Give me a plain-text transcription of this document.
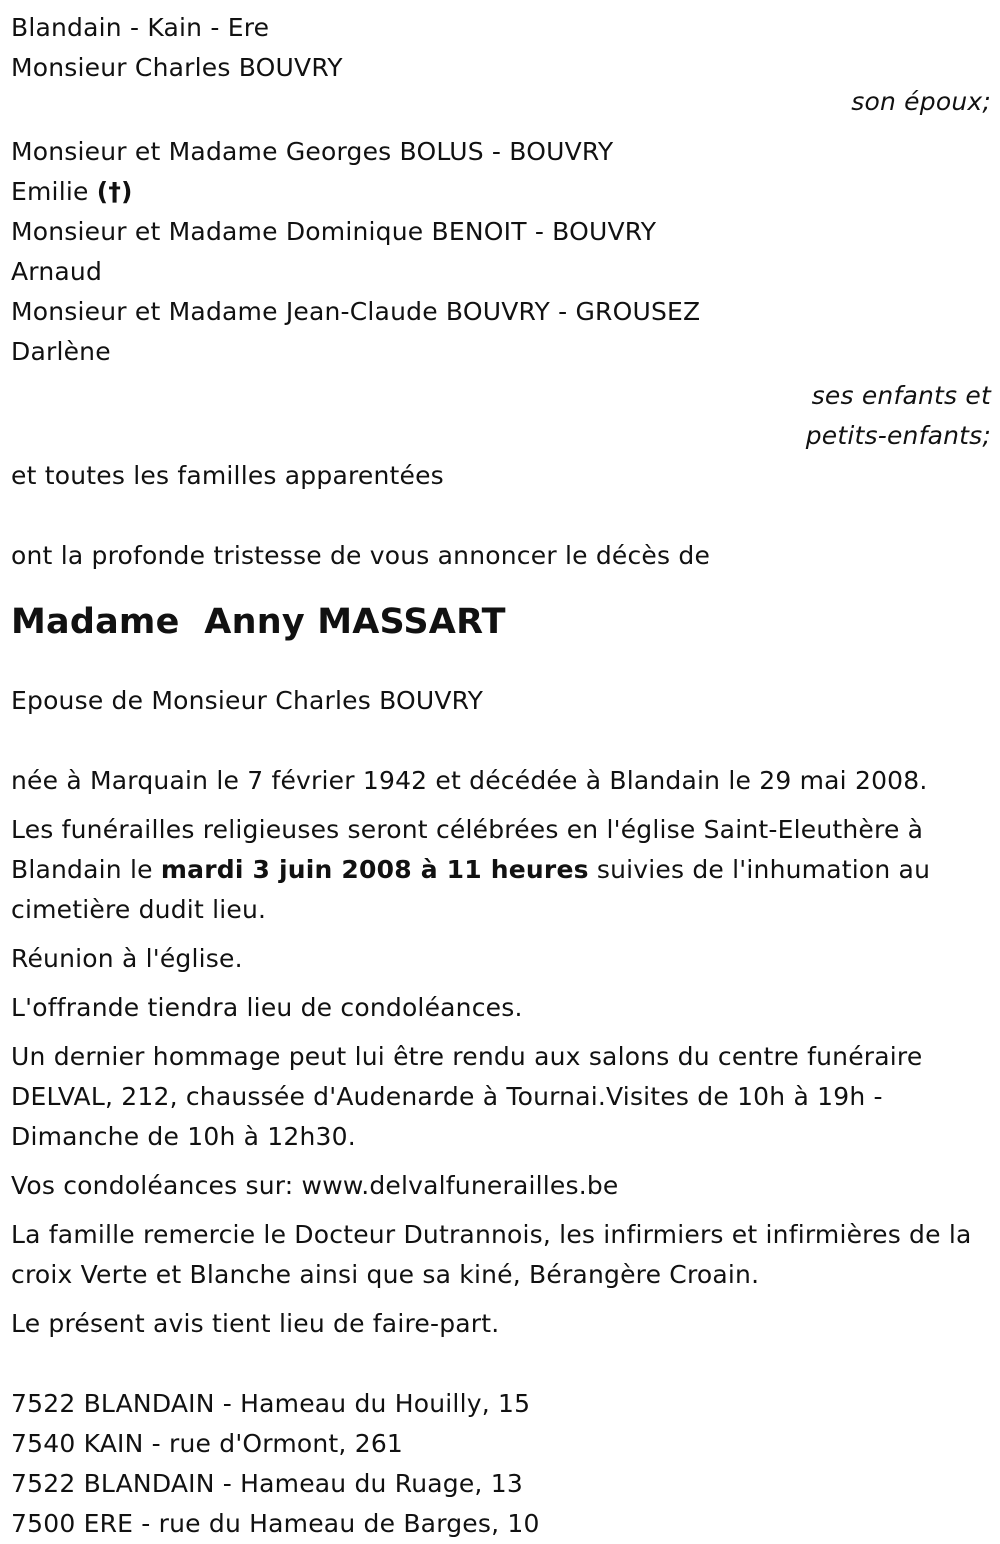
Blandain - Kain - Ere

Monsieur Charles BOUVRY

son époux;

Monsieur et Madame Georges BOLUS - BOUVRY

Emilie (†)

Monsieur et Madame Dominique BENOIT - BOUVRY

Arnaud

Monsieur et Madame Jean-Claude BOUVRY - GROUSEZ

Darlène

ses enfants et

petits-enfants;

et toutes les familles apparentées

ont la profonde tristesse de vous annoncer le décès de

Madame  Anny MASSART

Epouse de Monsieur Charles BOUVRY

née à Marquain le 7 février 1942 et décédée à Blandain le 29 mai 2008.

Les funérailles religieuses seront célébrées en l'église Saint-Eleuthère à Blandain le mardi 3 juin 2008 à 11 heures suivies de l'inhumation au cimetière dudit lieu.

Réunion à l'église.

L'offrande tiendra lieu de condoléances.

Un dernier hommage peut lui être rendu aux salons du centre funéraire DELVAL, 212, chaussée d'Audenarde à Tournai.Visites de 10h à 19h - Dimanche de 10h à 12h30.

Vos condoléances sur: www.delvalfunerailles.be

La famille remercie le Docteur Dutrannois, les infirmiers et infirmières de la croix Verte et Blanche ainsi que sa kiné, Bérangère Croain.

Le présent avis tient lieu de faire-part.

7522 BLANDAIN - Hameau du Houilly, 15

7540 KAIN - rue d'Ormont, 261

7522 BLANDAIN - Hameau du Ruage, 13

7500 ERE - rue du Hameau de Barges, 10
